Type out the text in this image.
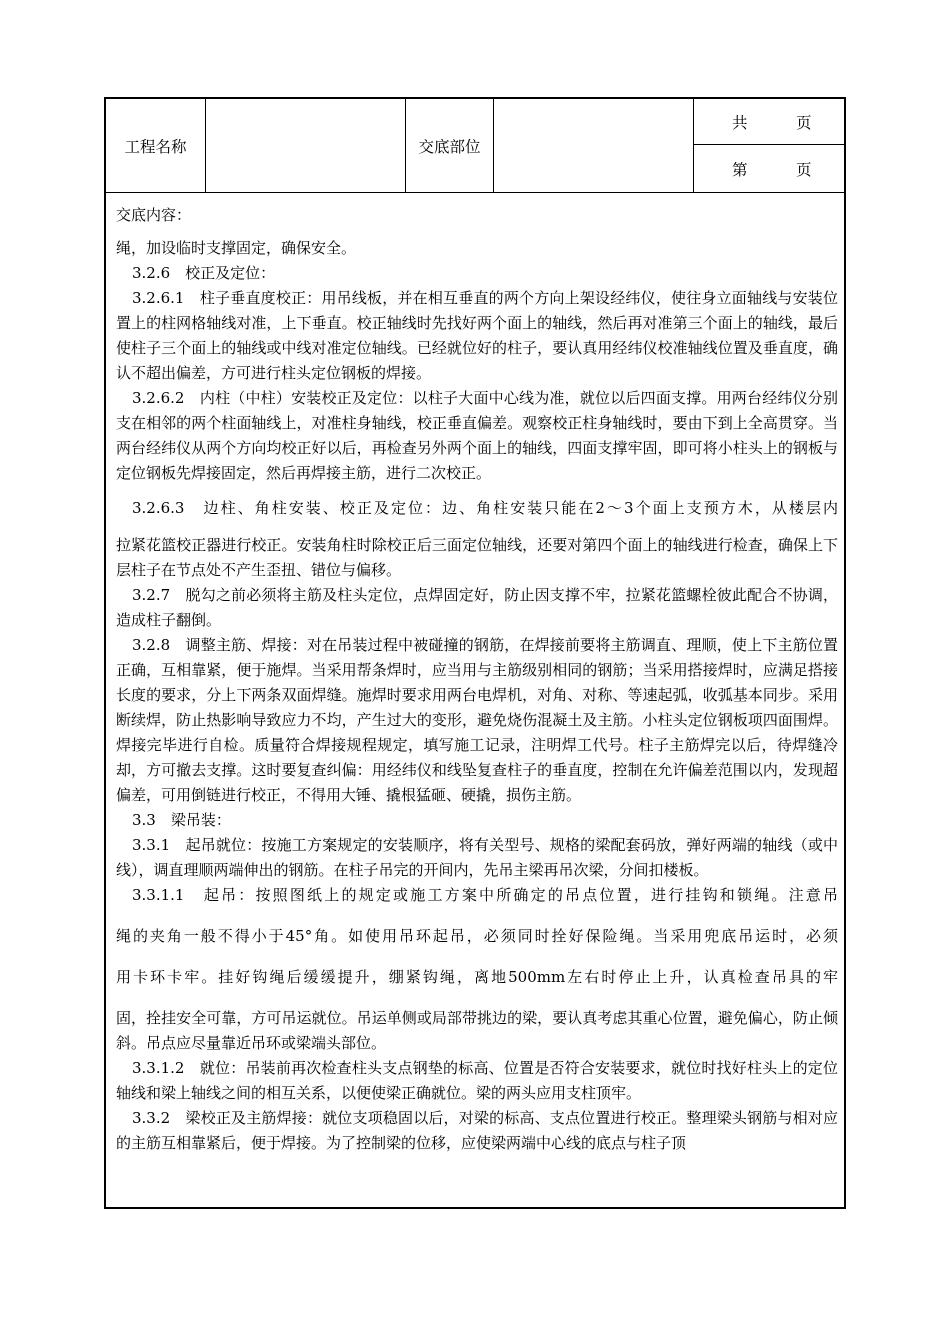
工程名称	交底部位
共	页
第	页

交底内容：

绳，加设临时支撑固定，确保安全。

3.2.6　校正及定位：

3.2.6.1　柱子垂直度校正：用吊线板，并在相互垂直的两个方向上架设经纬仪，使往身立面轴线与安装位置上的柱网格轴线对准，上下垂直。校正轴线时先找好两个面上的轴线，然后再对准第三个面上的轴线，最后使柱子三个面上的轴线或中线对准定位轴线。已经就位好的柱子，要认真用经纬仪校准轴线位置及垂直度，确认不超出偏差，方可进行柱头定位钢板的焊接。

3.2.6.2　内柱（中柱）安装校正及定位：以柱子大面中心线为准，就位以后四面支撑。用两台经纬仪分别支在相邻的两个柱面轴线上，对准柱身轴线，校正垂直偏差。观察校正柱身轴线时，要由下到上全高贯穿。当两台经纬仪从两个方向均校正好以后，再检查另外两个面上的轴线，四面支撑牢固，即可将小柱头上的钢板与定位钢板先焊接固定，然后再焊接主筋，进行二次校正。

3.2.6.3　边柱、角柱安装、校正及定位：边、角柱安装只能在2～3个面上支预方木，从楼层内

拉紧花篮校正器进行校正。安装角柱时除校正后三面定位轴线，还要对第四个面上的轴线进行检查，确保上下层柱子在节点处不产生歪扭、错位与偏移。

3.2.7　脱勾之前必须将主筋及柱头定位，点焊固定好，防止因支撑不牢，拉紧花篮螺栓彼此配合不协调，造成柱子翻倒。

3.2.8　调整主筋、焊接：对在吊装过程中被碰撞的钢筋，在焊接前要将主筋调直、理顺，使上下主筋位置正确，互相靠紧，便于施焊。当采用帮条焊时，应当用与主筋级别相同的钢筋；当采用搭接焊时，应满足搭接长度的要求，分上下两条双面焊缝。施焊时要求用两台电焊机，对角、对称、等速起弧，收弧基本同步。采用断续焊，防止热影响导致应力不均，产生过大的变形，避免烧伤混凝土及主筋。小柱头定位钢板项四面围焊。焊接完毕进行自检。质量符合焊接规程规定，填写施工记录，注明焊工代号。柱子主筋焊完以后，待焊缝冷却，方可撤去支撑。这时要复查纠偏：用经纬仪和线坠复查柱子的垂直度，控制在允许偏差范围以内，发现超偏差，可用倒链进行校正，不得用大锤、撬根猛砸、硬撬，损伤主筋。

3.3　梁吊装：

3.3.1　起吊就位：按施工方案规定的安装顺序，将有关型号、规格的梁配套码放，弹好两端的轴线（或中线），调直理顺两端伸出的钢筋。在柱子吊完的开间内，先吊主梁再吊次梁，分间扣楼板。

3.3.1.1　起吊：按照图纸上的规定或施工方案中所确定的吊点位置，进行挂钩和锁绳。注意吊

绳的夹角一般不得小于45°角。如使用吊环起吊，必须同时拴好保险绳。当采用兜底吊运时，必须

用卡环卡牢。挂好钩绳后缓缓提升，绷紧钩绳，离地500mm左右时停止上升，认真检查吊具的牢

固，拴挂安全可靠，方可吊运就位。吊运单侧或局部带挑边的梁，要认真考虑其重心位置，避免偏心，防止倾斜。吊点应尽量靠近吊环或梁端头部位。

3.3.1.2　就位：吊装前再次检查柱头支点钢垫的标高、位置是否符合安装要求，就位时找好柱头上的定位轴线和梁上轴线之间的相互关系，以便使梁正确就位。梁的两头应用支柱顶牢。

3.3.2　梁校正及主筋焊接：就位支项稳固以后，对梁的标高、支点位置进行校正。整理梁头钢筋与相对应的主筋互相靠紧后，便于焊接。为了控制梁的位移，应使梁两端中心线的底点与柱子顶
